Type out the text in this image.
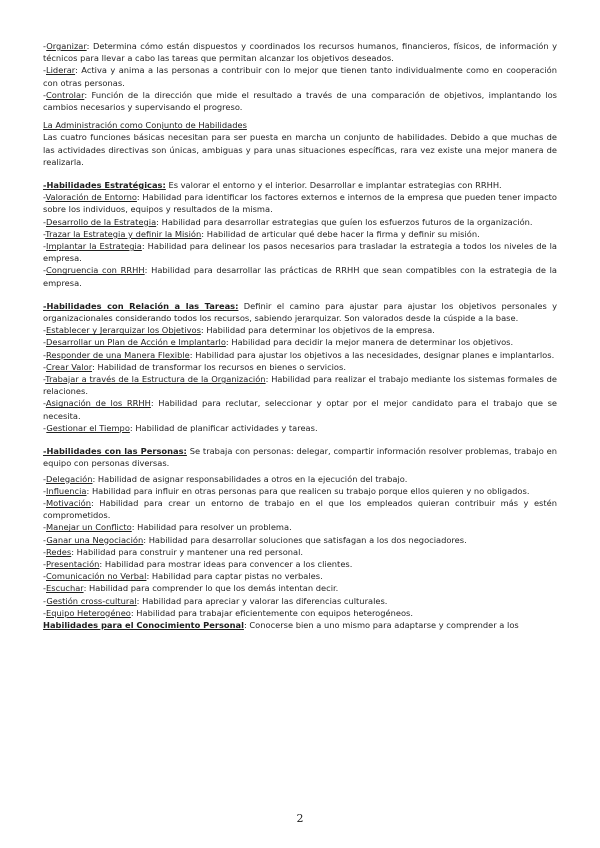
-Organizar: Determina cómo están dispuestos y coordinados los recursos humanos, financieros, físicos, de información y técnicos para llevar a cabo las tareas que permitan alcanzar los objetivos deseados.

-Liderar: Activa y anima a las personas a contribuir con lo mejor que tienen tanto individualmente como en cooperación con otras personas.

-Controlar: Función de la dirección que mide el resultado a través de una comparación de objetivos, implantando los cambios necesarios y supervisando el progreso.

La Administración como Conjunto de Habilidades

Las cuatro funciones básicas necesitan para ser puesta en marcha un conjunto de habilidades. Debido a que muchas de las actividades directivas son únicas, ambiguas y para unas situaciones específicas, rara vez existe una mejor manera de realizarla.

-Habilidades Estratégicas: Es valorar el entorno y el interior. Desarrollar e implantar estrategias con RRHH.

-Valoración de Entorno: Habilidad para identificar los factores externos e internos de la empresa que pueden tener impacto sobre los individuos, equipos y resultados de la misma.

-Desarrollo de la Estrategia: Habilidad para desarrollar estrategias que guíen los esfuerzos futuros de la organización.

-Trazar la Estrategia y definir la Misión: Habilidad de articular qué debe hacer la firma y definir su misión.

-Implantar la Estrategia: Habilidad para delinear los pasos necesarios para trasladar la estrategia a todos los niveles de la empresa.

-Congruencia con RRHH: Habilidad para desarrollar las prácticas de RRHH que sean compatibles con la estrategia de la empresa.

-Habilidades con Relación a las Tareas: Definir el camino para ajustar para ajustar los objetivos personales y organizacionales considerando todos los recursos, sabiendo jerarquizar. Son valorados desde la cúspide a la base.

-Establecer y Jerarquizar los Objetivos: Habilidad para determinar los objetivos de la empresa.

-Desarrollar un Plan de Acción e Implantarlo: Habilidad para decidir la mejor manera de determinar los objetivos.

-Responder de una Manera Flexible: Habilidad para ajustar los objetivos a las necesidades, designar planes e implantarlos.

-Crear Valor: Habilidad de transformar los recursos en bienes o servicios.

-Trabajar a través de la Estructura de la Organización: Habilidad para realizar el trabajo mediante los sistemas formales de relaciones.

-Asignación de los RRHH: Habilidad para reclutar, seleccionar y optar por el mejor candidato para el trabajo que se necesita.

-Gestionar el Tiempo: Habilidad de planificar actividades y tareas.

-Habilidades con las Personas: Se trabaja con personas: delegar, compartir información resolver problemas, trabajo en equipo con personas diversas.

-Delegación: Habilidad de asignar responsabilidades a otros en la ejecución del trabajo.

-Influencia: Habilidad para influir en otras personas para que realicen su trabajo porque ellos quieren y no obligados.

-Motivación: Habilidad para crear un entorno de trabajo en el que los empleados quieran contribuir más y estén comprometidos.

-Manejar un Conflicto: Habilidad para resolver un problema.

-Ganar una Negociación: Habilidad para desarrollar soluciones que satisfagan a los dos negociadores.

-Redes: Habilidad para construir y mantener una red personal.

-Presentación: Habilidad para mostrar ideas para convencer a los clientes.

-Comunicación no Verbal: Habilidad para captar pistas no verbales.

-Escuchar: Habilidad para comprender lo que los demás intentan decir.

-Gestión cross-cultural: Habilidad para apreciar y valorar las diferencias culturales.

-Equipo Heterogéneo: Habilidad para trabajar eficientemente con equipos heterogéneos.

Habilidades para el Conocimiento Personal: Conocerse bien a uno mismo para adaptarse y comprender a los

2
